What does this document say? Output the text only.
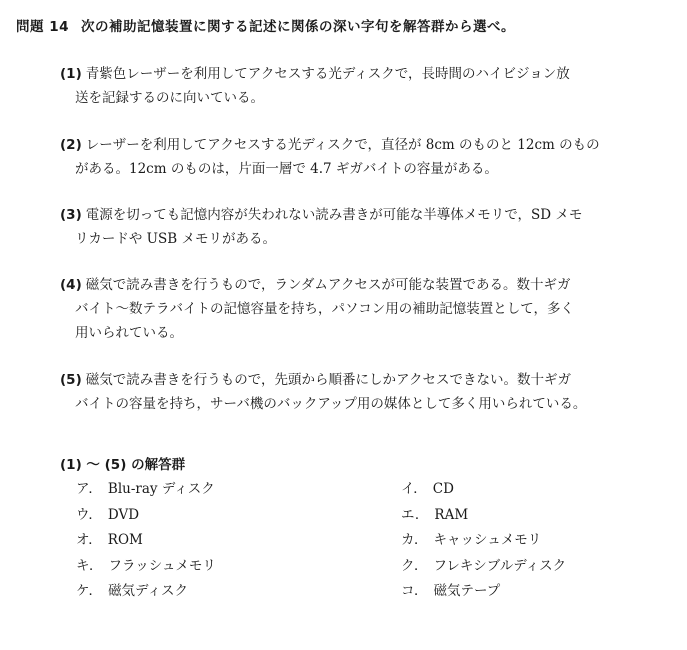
問題 14 次の補助記憶装置に関する記述に関係の深い字句を解答群から選べ。
(1) 青紫色レーザーを利用してアクセスする光ディスクで，長時間のハイビジョン放
送を記録するのに向いている。
(2) レーザーを利用してアクセスする光ディスクで，直径が 8cm のものと 12cm のもの
がある。12cm のものは，片面一層で 4.7 ギガバイトの容量がある。
(3) 電源を切っても記憶内容が失われない読み書きが可能な半導体メモリで，SD メモ
リカードや USB メモリがある。
(4) 磁気で読み書きを行うもので，ランダムアクセスが可能な装置である。数十ギガ
バイト～数テラバイトの記憶容量を持ち，パソコン用の補助記憶装置として，多く
用いられている。
(5) 磁気で読み書きを行うもので，先頭から順番にしかアクセスできない。数十ギガ
バイトの容量を持ち，サーバ機のバックアップ用の媒体として多く用いられている。
(1) ～ (5) の解答群
ア． Blu-ray ディスク	イ． CD
ウ． DVD	エ． RAM
オ． ROM	カ． キャッシュメモリ
キ． フラッシュメモリ	ク． フレキシブルディスク
ケ． 磁気ディスク	コ． 磁気テープ
